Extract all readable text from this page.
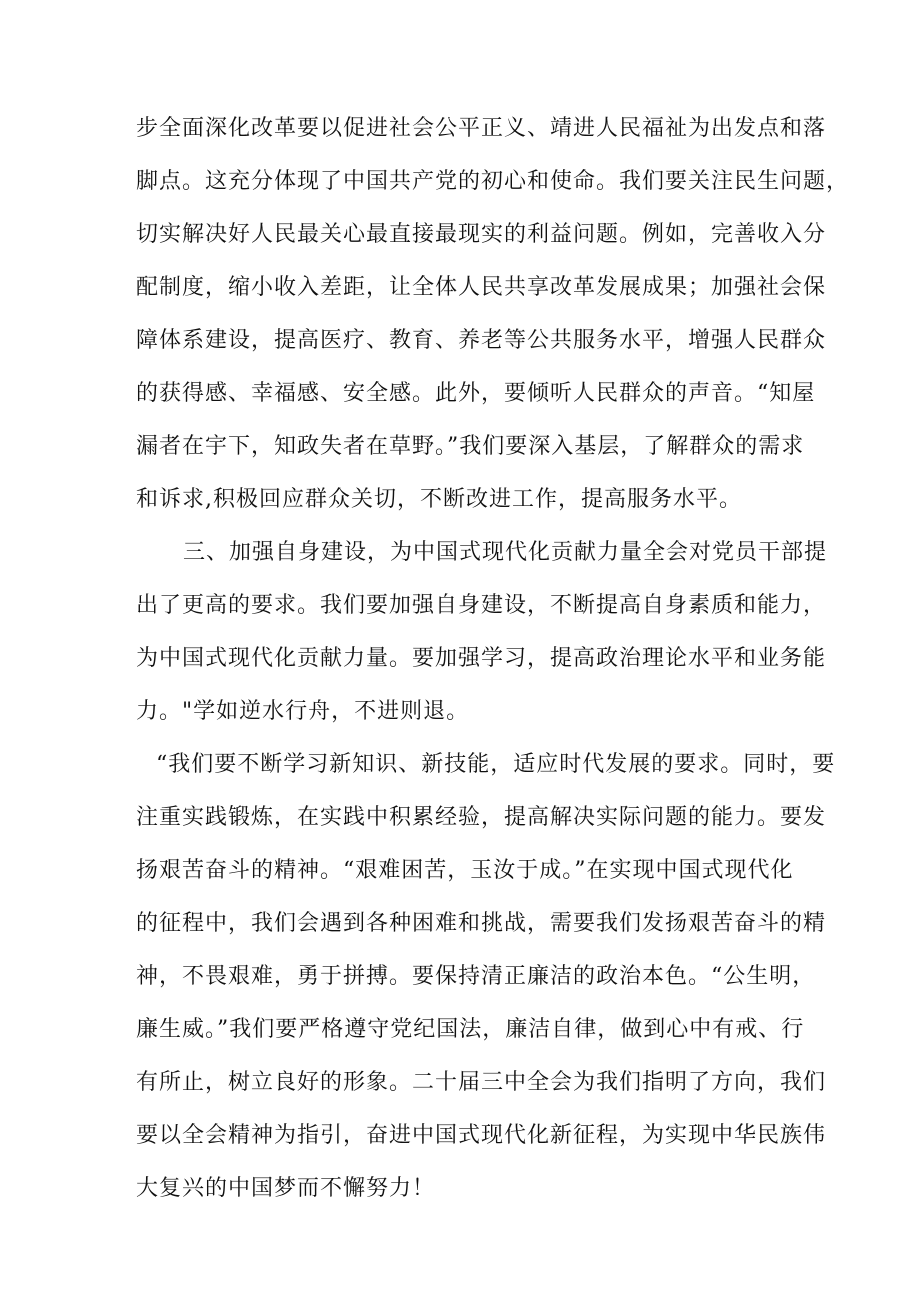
步全面深化改革要以促进社会公平正义、靖进人民福祉为出发点和落
脚点。这充分体现了中国共产党的初心和使命。我们要关注民生问题，
切实解决好人民最关心最直接最现实的利益问题。例如，完善收入分
配制度，缩小收入差距，让全体人民共享改革发展成果；加强社会保
障体系建设，提高医疗、教育、养老等公共服务水平，增强人民群众
的获得感、幸福感、安全感。此外，要倾听人民群众的声音。“知屋
漏者在宇下，知政失者在草野。”我们要深入基层，了解群众的需求
和诉求,积极回应群众关切，不断改进工作，提高服务水平。
三、加强自身建设，为中国式现代化贡献力量全会对党员干部提
出了更高的要求。我们要加强自身建设，不断提高自身素质和能力，
为中国式现代化贡献力量。要加强学习，提高政治理论水平和业务能
力。"学如逆水行舟，不进则退。
“我们要不断学习新知识、新技能，适应时代发展的要求。同时，要
注重实践锻炼，在实践中积累经验，提高解决实际问题的能力。要发
扬艰苦奋斗的精神。“艰难困苦，玉汝于成。”在实现中国式现代化
的征程中，我们会遇到各种困难和挑战，需要我们发扬艰苦奋斗的精
神，不畏艰难，勇于拼搏。要保持清正廉洁的政治本色。“公生明，
廉生威。”我们要严格遵守党纪国法，廉洁自律，做到心中有戒、行
有所止，树立良好的形象。二十届三中全会为我们指明了方向，我们
要以全会精神为指引，奋进中国式现代化新征程，为实现中华民族伟
大复兴的中国梦而不懈努力！
